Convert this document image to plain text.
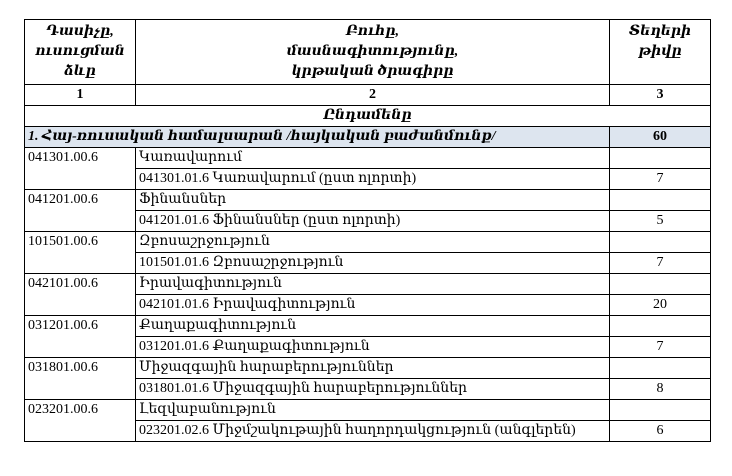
Դասիչը,
ուսուցման
ձևը	Բուհը,
մասնագիտությունը,
կրթական ծրագիրը	Տեղերի
թիվը

1	2	3
Ընդամենը		
1. Հայ-ռուսական համալսարան /հայկական բաժանմունք/		60
041301.00.6	Կառավարում	
	041301.01.6 Կառավարում (ըստ ոլորտի)	7
041201.00.6	Ֆինանսներ	
	041201.01.6 Ֆինանսներ (ըստ ոլորտի)	5
101501.00.6	Զբոսաշրջություն	
	101501.01.6 Զբոսաշրջություն	7
042101.00.6	Իրավագիտություն	
	042101.01.6 Իրավագիտություն	20
031201.00.6	Քաղաքագիտություն	
	031201.01.6 Քաղաքագիտություն	7
031801.00.6	Միջազգային հարաբերություններ	
	031801.01.6 Միջազգային հարաբերություններ	8
023201.00.6	Լեզվաբանություն	
	023201.02.6 Միջմշակութային հաղորդակցություն (անգլերեն)	6
